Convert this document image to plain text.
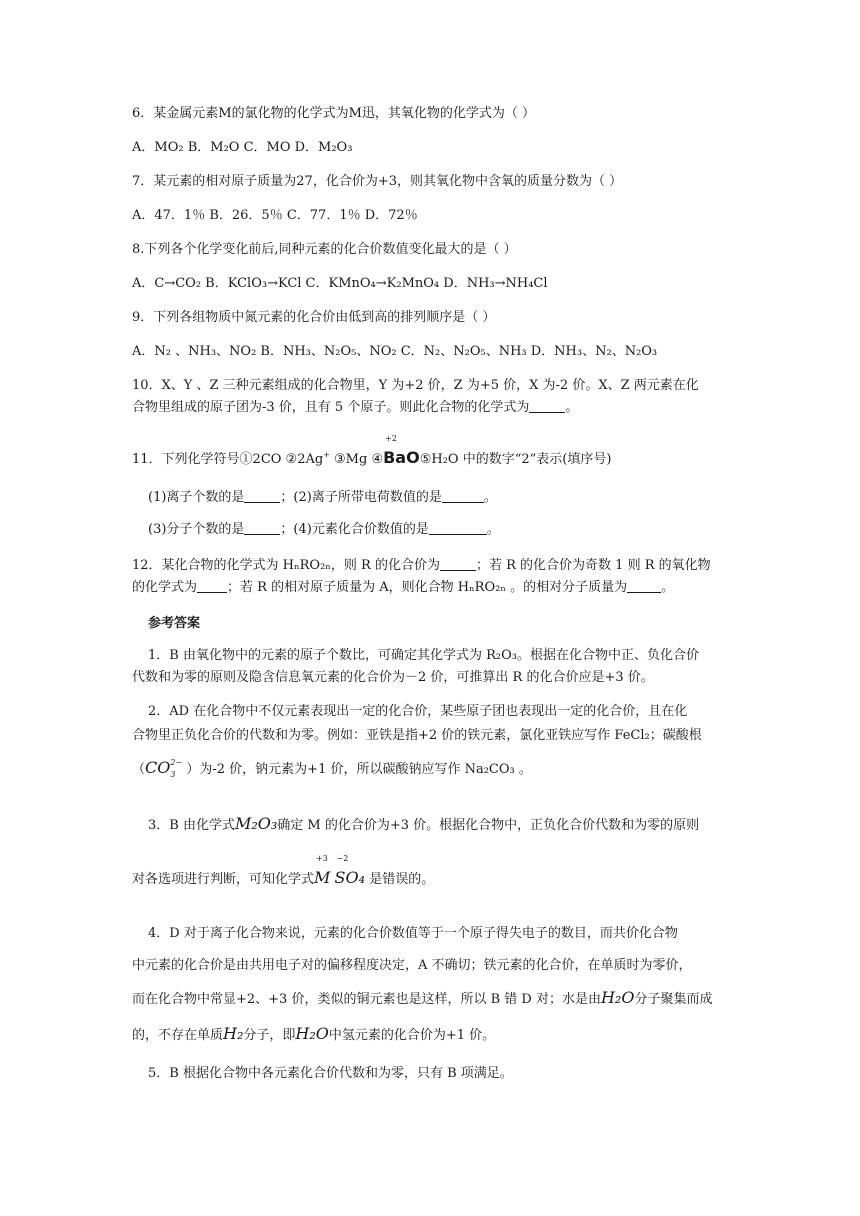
6．某金属元素M的氯化物的化学式为M迅，其氧化物的化学式为（ ）
A．MO₂ B．M₂O C．MO D．M₂O₃
7．某元素的相对原子质量为27，化合价为+3，则其氧化物中含氧的质量分数为（ ）
A．47．1％ B．26．5％ C．77．1％ D．72％
8.下列各个化学变化前后,同种元素的化合价数值变化最大的是（ ）
A．C→CO₂ B．KClO₃→KCl C．KMnO₄→K₂MnO₄ D．NH₃→NH₄Cl
9．下列各组物质中氮元素的化合价由低到高的排列顺序是（ ）
A．N₂ 、NH₃、NO₂ B．NH₃、N₂O₅、NO₂ C．N₂、N₂O₅、NH₃ D．NH₃、N₂、N₂O₃
10．X、Y 、Z 三种元素组成的化合物里，Y 为+2 价，Z 为+5 价，X 为-2 价。X、Z 两元素在化
合物里组成的原子团为-3 价，且有 5 个原子。则此化合物的化学式为	。
11．下列化学符号①2CO ②2Ag+ ③Mg ④
+2
BaO⑤H₂O 中的数字“2”表示(填序号)
(1)离子个数的是	；(2)离子所带电荷数值的是	。
(3)分子个数的是	；(4)元素化合价数值的是	。
12．某化合物的化学式为 HₙRO₂ₙ，则 R 的化合价为	；若 R 的化合价为奇数 1 则 R 的氧化物
的化学式为 ；若 R 的相对原子质量为 A，则化合物 HₙRO₂ₙ 。的相对分子质量为	。
参考答案
1．B 由氧化物中的元素的原子个数比，可确定其化学式为 R₂O₃。根据在化合物中正、负化合价
代数和为零的原则及隐含信息氧元素的化合价为－2 价，可推算出 R 的化合价应是+3 价。
2．AD 在化合物中不仅元素表现出一定的化合价，某些原子团也表现出一定的化合价，且在化
合物里正负化合价的代数和为零。例如：亚铁是指+2 价的铁元素，氯化亚铁应写作 FeCl₂；碳酸根
（CO 2−
3 ）为-2 价，钠元素为+1 价，所以碳酸钠应写作 Na₂CO₃ 。
3．B 由化学式M₂O₃确定 M 的化合价为+3 价。根据化合物中，正负化合价代数和为零的原则
对各选项进行判断，可知化学式
+3
M
−2
SO₄ 是错误的。
4．D 对于离子化合物来说，元素的化合价数值等于一个原子得失电子的数目，而共价化合物
中元素的化合价是由共用电子对的偏移程度决定，A 不确切；铁元素的化合价，在单质时为零价，
而在化合物中常显+2、+3 价，类似的铜元素也是这样，所以 B 错 D 对；水是由H₂O分子聚集而成
的，不存在单质H₂分子，即H₂O中氢元素的化合价为+1 价。
5．B 根据化合物中各元素化合价代数和为零，只有 B 项满足。
